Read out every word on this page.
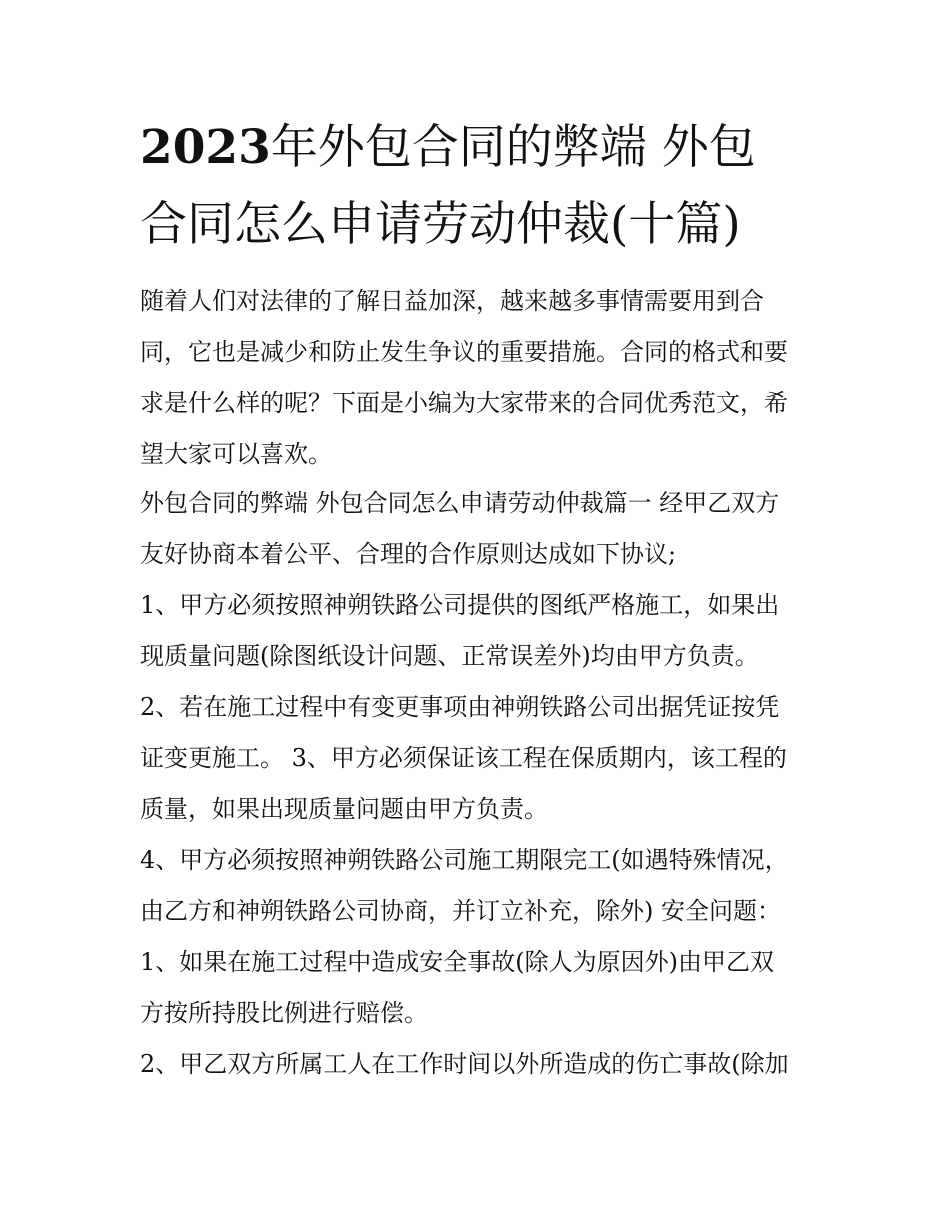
2023年外包合同的弊端 外包
合同怎么申请劳动仲裁(十篇)
随着人们对法律的了解日益加深，越来越多事情需要用到合
同，它也是减少和防止发生争议的重要措施。合同的格式和要
求是什么样的呢？下面是小编为大家带来的合同优秀范文，希
望大家可以喜欢。
外包合同的弊端 外包合同怎么申请劳动仲裁篇一 经甲乙双方
友好协商本着公平、合理的合作原则达成如下协议;
1、甲方必须按照神朔铁路公司提供的图纸严格施工，如果出
现质量问题(除图纸设计问题、正常误差外)均由甲方负责。
2、若在施工过程中有变更事项由神朔铁路公司出据凭证按凭
证变更施工。 3、甲方必须保证该工程在保质期内，该工程的
质量，如果出现质量问题由甲方负责。
4、甲方必须按照神朔铁路公司施工期限完工(如遇特殊情况，
由乙方和神朔铁路公司协商，并订立补充，除外) 安全问题：
1、如果在施工过程中造成安全事故(除人为原因外)由甲乙双
方按所持股比例进行赔偿。
2、甲乙双方所属工人在工作时间以外所造成的伤亡事故(除加
